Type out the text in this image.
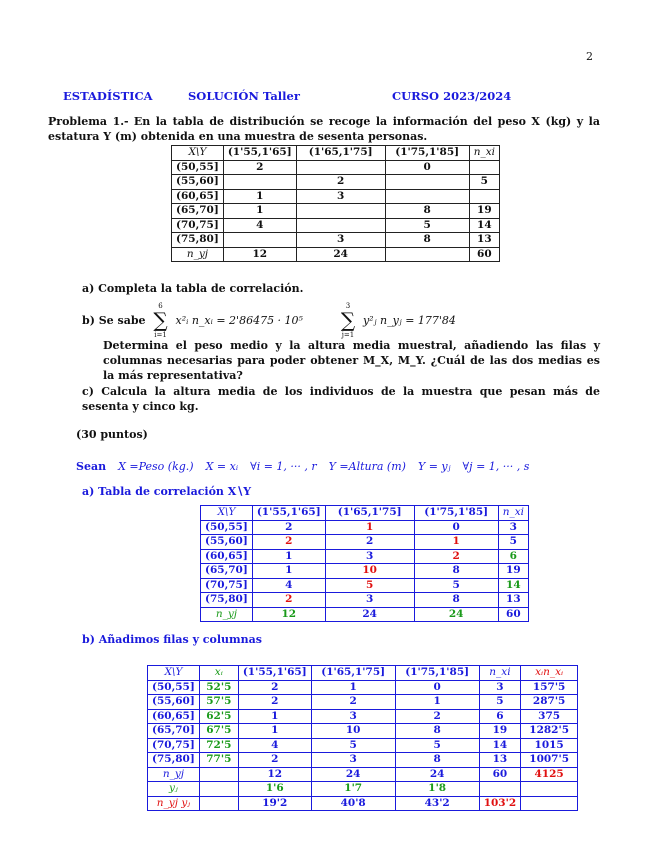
2
ESTADÍSTICA	SOLUCIÓN Taller	CURSO 2023/2024
Problema 1.- En la tabla de distribución se recoge la información del peso X (kg) y la estatura Y (m) obtenida en una muestra de sesenta personas.
X\Y	(1'55,1'65]	(1'65,1'75]	(1'75,1'85]	n_xi
(50,55]	2		0	
(55,60]		2		5
(60,65]	1	3		
(65,70]	1		8	19
(70,75]	4		5	14
(75,80]		3	8	13
n_yj	12	24		60
a) Completa la tabla de correlación.
b) Se sabe
6
∑
i=1
x²ᵢ n_xᵢ = 2'86475 · 10⁵
3
∑
j=1
y²ⱼ n_yⱼ = 177'84
Determina el peso medio y la altura media muestral, añadiendo las filas y columnas necesarias para poder obtener M_X, M_Y. ¿Cuál de las dos medias es la más representativa?
c) Calcula la altura media de los individuos de la muestra que pesan más de sesenta y cinco kg.
(30 puntos)
Sean X =Peso (kg.) X = xᵢ ∀i = 1, ··· , r Y =Altura (m) Y = yⱼ ∀j = 1, ··· , s
a) Tabla de correlación X∖Y
X\Y	(1'55,1'65]	(1'65,1'75]	(1'75,1'85]	n_xi
(50,55]	2	1	0	3
(55,60]	2	2	1	5
(60,65]	1	3	2	6
(65,70]	1	10	8	19
(70,75]	4	5	5	14
(75,80]	2	3	8	13
n_yj	12	24	24	60
b) Añadimos filas y columnas
X\Y	xᵢ	(1'55,1'65]	(1'65,1'75]	(1'75,1'85]	n_xi	xᵢn_xᵢ
(50,55]	52'5	2	1	0	3	157'5
(55,60]	57'5	2	2	1	5	287'5
(60,65]	62'5	1	3	2	6	375
(65,70]	67'5	1	10	8	19	1282'5
(70,75]	72'5	4	5	5	14	1015
(75,80]	77'5	2	3	8	13	1007'5
n_yj		12	24	24	60	4125
yⱼ		1'6	1'7	1'8		
n_yj yⱼ		19'2	40'8	43'2	103'2	
